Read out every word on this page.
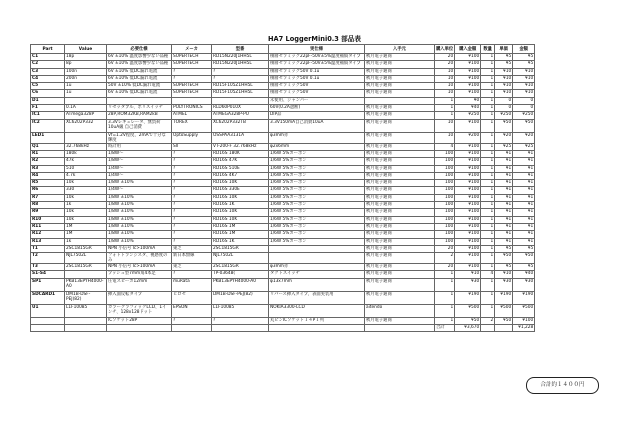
HA7 LoggerMini0.3 部品表
Part	Value	必要仕様	メーカ	型番	実仕様	入手元	購入単位	購入金額	数量	単価	金額
C1	18p	6V ±10% 温度影響少ない品種	SUPERTECH	RD15N220J1HH5L	積層セラミック22pF-50V±5%温度補償タイプ	秋月電子通商	20	¥100	1	¥5	¥5
C2	8p	6V ±10% 温度影響少ない品種	SUPERTECH	RD15N220J1HH5L	積層セラミック22pF-50V±5%温度補償タイプ	秋月電子通商	20	¥100	1	¥5	¥5
C3	100n	6V ±10% 低DC漏れ電流	?	?	積層セラミック50V 0.1u	秋月電子通商	10	¥100	1	¥10	¥10
C4	200n	6V ±10% 低DC漏れ電流	?	?	積層セラミック50V 0.1u	秋月電子通商	10	¥100	1	¥10	¥10
C5	1u	50V ±10% 低DC漏れ電流	SUPERTECH	RD15F105Z1HH5L	積層セラミック50V	秋月電子通商	10	¥100	1	¥10	¥10
C6	1u	6V ±10% 低DC漏れ電流	SUPERTECH	RD15F105Z1HH5L	積層セラミック50V	秋月電子通商	10	¥100	1	¥10	¥10
D1					未使用、ジャンパー		1	¥0	1	0	0
F1	0.1A	リセッタブル、ポリスイッチ	POLYTRONICS	RLD60P010X	60V(0.2A遮断)	秋月電子通商	1	¥40	1	0	0
IC1	ATmega328P	28P,ROM32KB,RAM2kB	ATMEL	ATMEGA328P-PU	DIP品	秋月電子通商	1	¥250	1	¥250	¥250
IC2	XC6202P332	3.3Vレギュレータ、無負荷10uA級 自己消費	TOREX	XC6202P332TB	3.3V150mA自己消費10uA	秋月電子通商	10	¥100	1	¥50	¥50
LED1		Vf=1.2V程度、2mAで十分な輝度	OptoSupply	OSSPAA3131A	φ3mm赤	秋月電子通商	10	¥200	1	¥20	¥20
Q1	32.768kHz	時計用	SII	VT-200-F 32.768kHz	φ2x6mm	秋月電子通商	4	¥100	1	¥25	¥25
R1	180k	1/8W～	?	RD16S 180K	1/6W 5%カーボン	秋月電子通商	100	¥100	1	¥1	¥1
R2	47k	1/8W～	?	RD16S 47K	1/6W 5%カーボン	秋月電子通商	100	¥100	1	¥1	¥1
R3	510	1/4W～	?	RD16S 510E	1/6W 5%カーボン	秋月電子通商	100	¥100	1	¥1	¥1
R4	4.7k	1/4W～	?	RD16S 4K7	1/6W 5%カーボン	秋月電子通商	100	¥100	1	¥1	¥1
R5	10k	1/8W ±10%	?	RD16S 10K	1/6W 5%カーボン	秋月電子通商	100	¥100	1	¥1	¥1
R6	330	1/4W～	?	RD16S 330E	1/6W 5%カーボン	秋月電子通商	100	¥100	1	¥1	¥1
R7	10k	1/8W ±10%	?	RD16S 10K	1/6W 5%カーボン	秋月電子通商	100	¥100	1	¥1	¥1
R8	1k	1/8W ±10%	?	RD16S 1K	1/6W 5%カーボン	秋月電子通商	100	¥100	1	¥1	¥1
R9	10k	1/8W ±10%	?	RD16S 10K	1/6W 5%カーボン	秋月電子通商	100	¥100	1	¥1	¥1
R10	10k	1/8W ±10%	?	RD16S 10K	1/6W 5%カーボン	秋月電子通商	100	¥100	1	¥1	¥1
R11	1M	1/8W ±10%	?	RD16S 1M	1/6W 5%カーボン	秋月電子通商	100	¥100	1	¥1	¥1
R12	1M	1/8W ±10%	?	RD16S 1M	1/6W 5%カーボン	秋月電子通商	100	¥100	1	¥1	¥1
R13	1k	1/8W ±10%	?	RD16S 1K	1/6W 5%カーボン	秋月電子通商	100	¥100	1	¥1	¥1
T1	2SC1815GR	NPN 小信号 Ic>100mA	東芝	2SC1815GR		秋月電子通商	20	¥100	1	¥5	¥5
T2	NJL7502L	フォトトランジスタ、視感度のみ	新日本無線	NJL7502L		秋月電子通商	2	¥100	1	¥50	¥50
T3	2SC1815GR	NPN 小信号 Ic>100mA	東芝	2SC1815GR	φ3mm赤	秋月電子通商	20	¥100	1	¥5	¥5
S1-S4		プッシュ型7mm角4本足	?	TP-03648(	タクトスイッチ	秋月電子通商	1	¥10	4	¥10	¥40
SP1	PKB13EPYH4000-A0	圧電スピーカ12mm	muRata	PKB13EPYH4000-A0	φ13x7mm	秋月電子通商	1	¥30	1	¥30	¥30
SDCARD1	DM1B-DSF-PEJ(82)	挿入面反転タイプ	ヒロセ	DM1B-DSF-PEJ(82)	リバース挿入タイプ、表面実装用	秋月電子通商	1	¥190	1	¥190	¥190
U1	L1F10085	カラーグラフィックLCD、1インチ、128x128ドット	EPSON	L1F10085	NOKIA3300-LCD	aitendo	1	¥500	1	¥500	¥500
		ICソケット28P	?	?	丸ピンICソケット１４P１列	秋月電子通商	1	¥50	2	¥50	¥100
							合計	¥3,670			¥1,228
合計約１４００円
